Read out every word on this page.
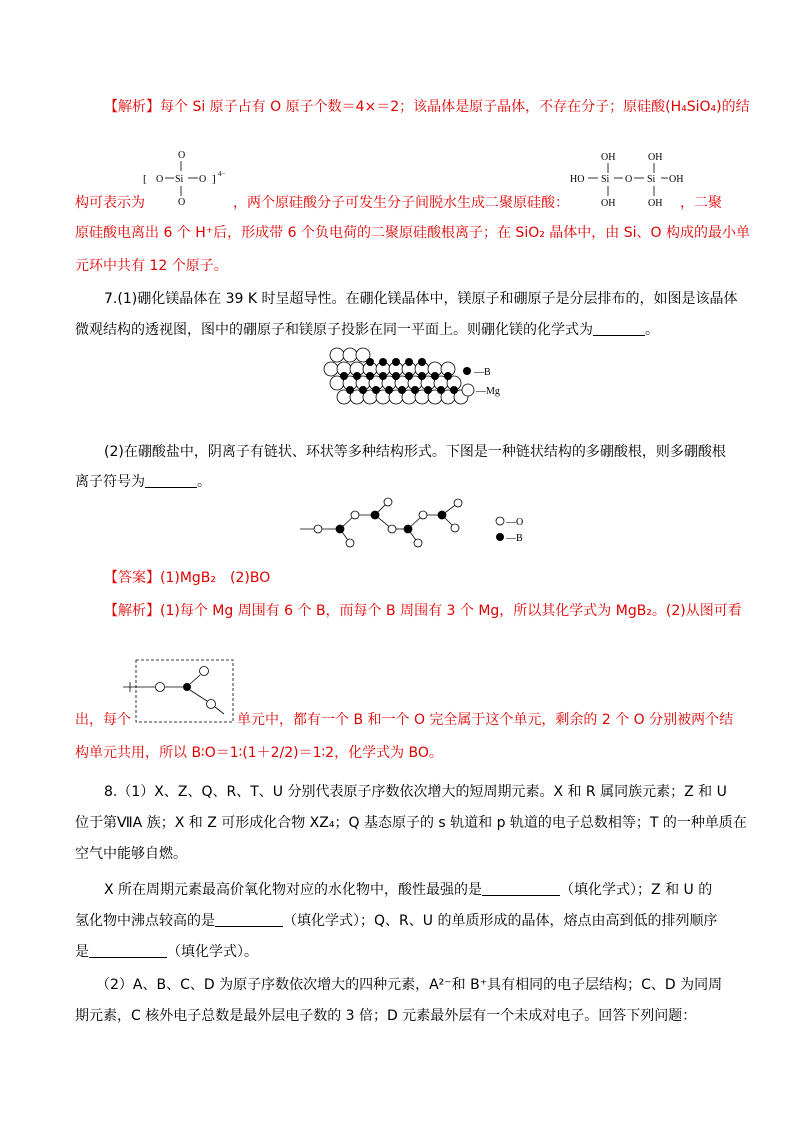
【解析】每个 Si 原子占有 O 原子个数＝4×＝2；该晶体是原子晶体，不存在分子；原硅酸(H₄SiO₄)的结
O
[ O Si O ] 4−
O
OH	OH
HO Si O Si OH
OH	OH
构可表示为	，两个原硅酸分子可发生分子间脱水生成二聚原硅酸：	，二聚
原硅酸电离出 6 个 H⁺后，形成带 6 个负电荷的二聚原硅酸根离子；在 SiO₂ 晶体中，由 Si、O 构成的最小单
元环中共有 12 个原子。
7.(1)硼化镁晶体在 39 K 时呈超导性。在硼化镁晶体中，镁原子和硼原子是分层排布的，如图是该晶体
微观结构的透视图，图中的硼原子和镁原子投影在同一平面上。则硼化镁的化学式为	。
—B
—Mg
(2)在硼酸盐中，阴离子有链状、环状等多种结构形式。下图是一种链状结构的多硼酸根，则多硼酸根
离子符号为	。
—O
—B
【答案】(1)MgB₂　(2)BO
【解析】(1)每个 Mg 周围有 6 个 B，而每个 B 周围有 3 个 Mg，所以其化学式为 MgB₂。(2)从图可看
出，每个	单元中，都有一个 B 和一个 O 完全属于这个单元，剩余的 2 个 O 分别被两个结
构单元共用，所以 B∶O＝1∶(1＋2/2)＝1∶2，化学式为 BO。
8.（1）X、Z、Q、R、T、U 分别代表原子序数依次增大的短周期元素。X 和 R 属同族元素；Z 和 U
位于第ⅦA 族；X 和 Z 可形成化合物 XZ₄；Q 基态原子的 s 轨道和 p 轨道的电子总数相等；T 的一种单质在
空气中能够自燃。
X 所在周期元素最高价氧化物对应的水化物中，酸性最强的是	（填化学式）；Z 和 U 的
氢化物中沸点较高的是	（填化学式）；Q、R、U 的单质形成的晶体，熔点由高到低的排列顺序
是	（填化学式）。
（2）A、B、C、D 为原子序数依次增大的四种元素，A²⁻和 B⁺具有相同的电子层结构；C、D 为同周
期元素，C 核外电子总数是最外层电子数的 3 倍；D 元素最外层有一个未成对电子。回答下列问题：
